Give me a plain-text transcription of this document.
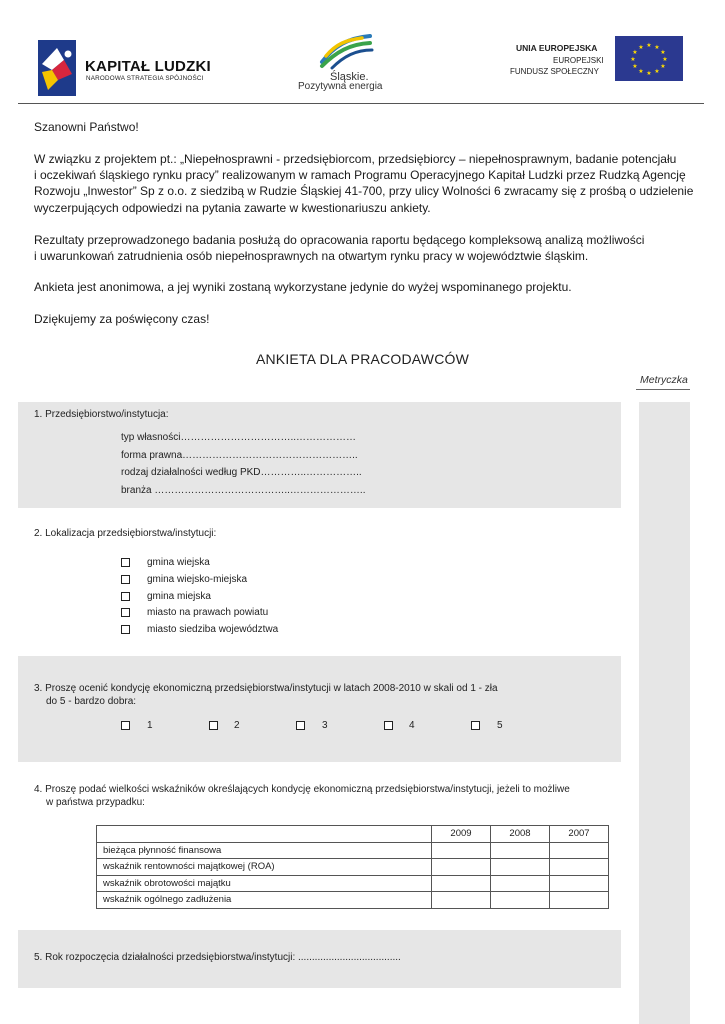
KAPITAŁ LUDZKI
NARODOWA STRATEGIA SPÓJNOŚCI	Śląskie.
Pozytywna energia
UNIA EUROPEJSKA
EUROPEJSKI
FUNDUSZ SPOŁECZNY
★ ★
★
★
★
★
★
★
★
★
★
★
Szanowni Państwo!

W związku z projektem pt.: „Niepełnosprawni - przedsiębiorcom, przedsiębiorcy – niepełnosprawnym, badanie potencjału

i oczekiwań śląskiego rynku pracy” realizowanym w ramach Programu Operacyjnego Kapitał Ludzki przez Rudzką Agencję

Rozwoju „Inwestor” Sp z o.o. z siedzibą w Rudzie Śląskiej 41-700, przy ulicy Wolności 6 zwracamy się z prośbą o udzielenie

wyczerpujących odpowiedzi na pytania zawarte w kwestionariuszu ankiety.

Rezultaty przeprowadzonego badania posłużą do opracowania raportu będącego kompleksową analizą możliwości

i uwarunkowań zatrudnienia osób niepełnosprawnych na otwartym rynku pracy w województwie śląskim.

Ankieta jest anonimowa, a jej wyniki zostaną wykorzystane jedynie do wyżej wspominanego projektu.
Dziękujemy za poświęcony czas!
ANKIETA DLA PRACODAWCÓW
Metryczka
1. Przedsiębiorstwo/instytucja:
typ własności……………………………..………………
forma prawna……………………………………………..
rodzaj działalności według PKD…………..……………..
branża …………………………………..…………………..
2. Lokalizacja przedsiębiorstwa/instytucji:
gmina wiejska
gmina wiejsko-miejska
gmina miejska
miasto na prawach powiatu
miasto siedziba województwa
3. Proszę ocenić kondycję ekonomiczną przedsiębiorstwa/instytucji w latach 2008-2010 w skali od 1 - zła
do 5 - bardzo dobra:
1	2	3	4	5
4. Proszę podać wielkości wskaźników określających kondycję ekonomiczną przedsiębiorstwa/instytucji, jeżeli to możliwe
w państwa przypadku:
	2009	2008	2007
bieżąca płynność finansowa			
wskaźnik rentowności majątkowej (ROA)			
wskaźnik obrotowości majątku			
wskaźnik ogólnego zadłużenia			
5. Rok rozpoczęcia działalności przedsiębiorstwa/instytucji: .....................................
